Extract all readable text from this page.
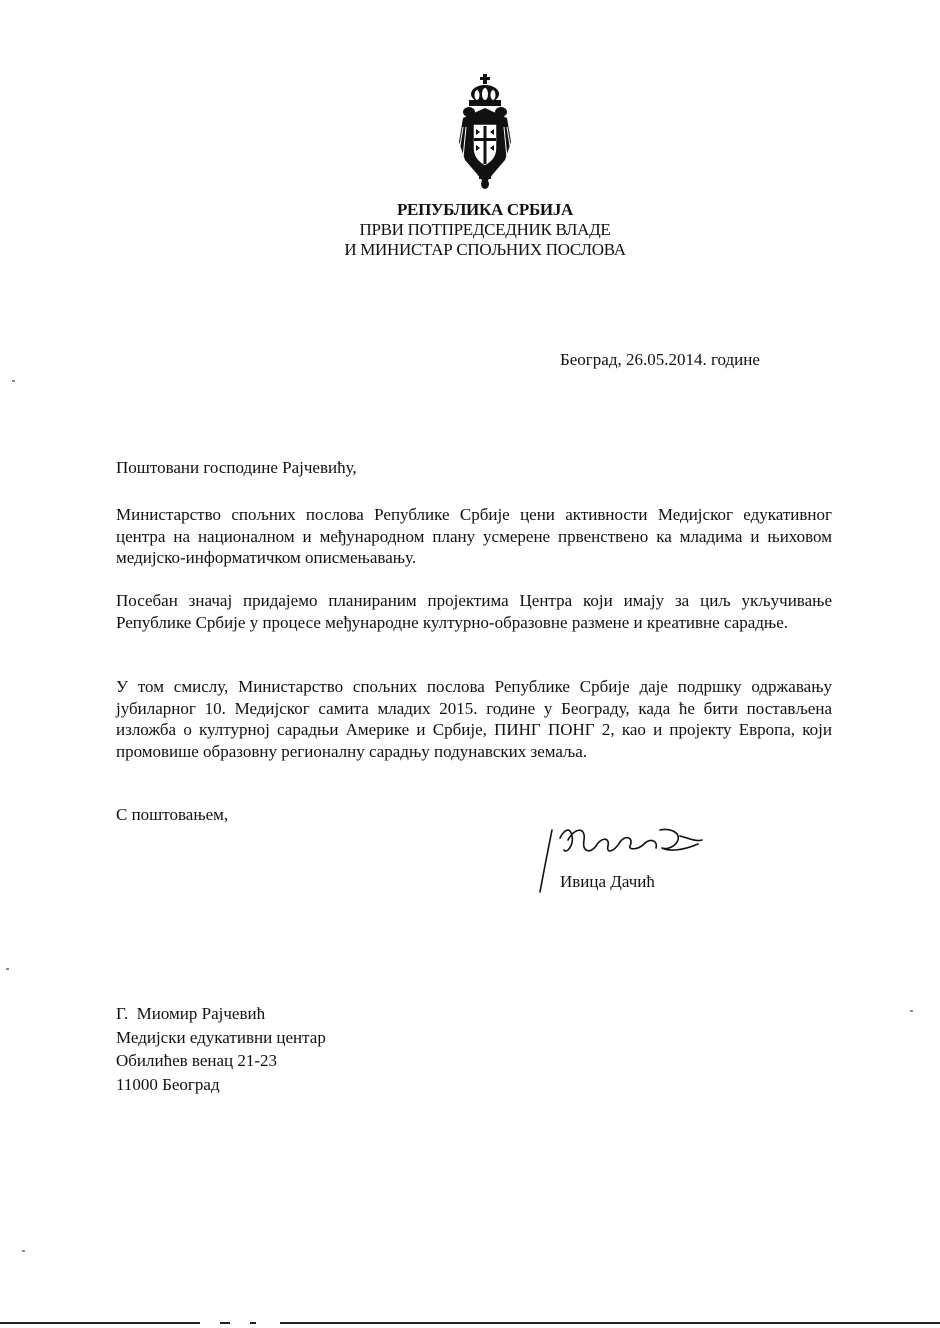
РЕПУБЛИКА СРБИЈА
ПРВИ ПОТПРЕДСЕДНИК ВЛАДЕ
И МИНИСТАР СПОЉНИХ ПОСЛОВА
Београд, 26.05.2014. године
Поштовани господине Рајчевићу,
Министарство спољних послова Републике Србије цени активности Медијског едукативног центра на националном и међународном плану усмерене првенствено ка младима и њиховом медијско-информатичком описмењавању.
Посебан значај придајемо планираним пројектима Центра који имају за циљ укључивање Републике Србије у процесе међународне културно-образовне размене и креативне сарадње.
У том смислу, Министарство спољних послова Републике Србије даје подршку одржавању јубиларног 10. Медијског самита младих 2015. године у Београду, када ће бити постављена изложба о културној сарадњи Америке и Србије, ПИНГ ПОНГ 2, као и пројекту Европа, који промовише образовну регионалну сарадњу подунавских земаља.
С поштовањем,
Ивица Дачић
Г.  Миомир Рајчевић
Медијски едукативни центар
Обилићев венац 21-23
11000 Београд
